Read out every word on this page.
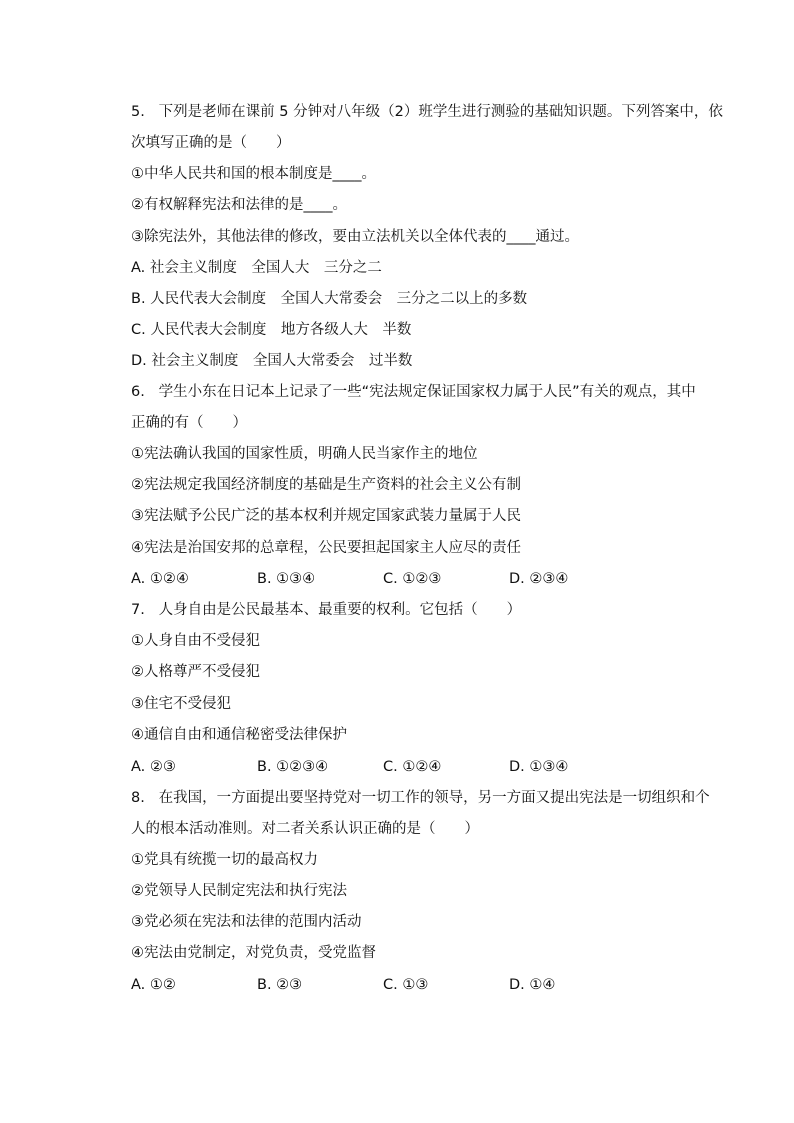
5. 下列是老师在课前 5 分钟对八年级（2）班学生进行测验的基础知识题。下列答案中，依
次填写正确的是（　　）
①中华人民共和国的根本制度是____。
②有权解释宪法和法律的是____。
③除宪法外，其他法律的修改，要由立法机关以全体代表的____通过。
A. 社会主义制度　全国人大　三分之二
B. 人民代表大会制度　全国人大常委会　三分之二以上的多数
C. 人民代表大会制度　地方各级人大　半数
D. 社会主义制度　全国人大常委会　过半数
6. 学生小东在日记本上记录了一些“宪法规定保证国家权力属于人民”有关的观点，其中
正确的有（　　）
①宪法确认我国的国家性质，明确人民当家作主的地位
②宪法规定我国经济制度的基础是生产资料的社会主义公有制
③宪法赋予公民广泛的基本权利并规定国家武装力量属于人民
④宪法是治国安邦的总章程，公民要担起国家主人应尽的责任
A. ①②④	B. ①③④	C. ①②③	D. ②③④
7. 人身自由是公民最基本、最重要的权利。它包括（　　）
①人身自由不受侵犯
②人格尊严不受侵犯
③住宅不受侵犯
④通信自由和通信秘密受法律保护
A. ②③	B. ①②③④	C. ①②④	D. ①③④
8. 在我国，一方面提出要坚持党对一切工作的领导，另一方面又提出宪法是一切组织和个
人的根本活动准则。对二者关系认识正确的是（　　）
①党具有统揽一切的最高权力
②党领导人民制定宪法和执行宪法
③党必须在宪法和法律的范围内活动
④宪法由党制定，对党负责，受党监督
A. ①②	B. ②③	C. ①③	D. ①④
